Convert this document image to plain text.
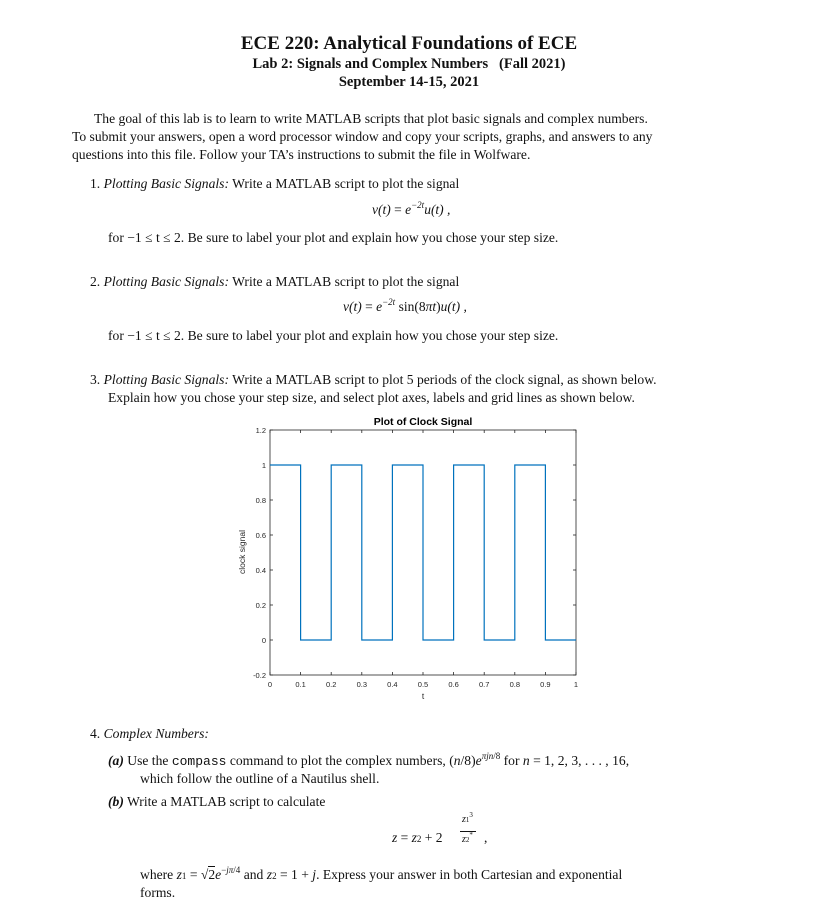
ECE 220: Analytical Foundations of ECE
Lab 2: Signals and Complex Numbers (Fall 2021)
September 14-15, 2021
The goal of this lab is to learn to write MATLAB scripts that plot basic signals and complex numbers.
To submit your answers, open a word processor window and copy your scripts, graphs, and answers to any
questions into this file. Follow your TA’s instructions to submit the file in Wolfware.
1. Plotting Basic Signals: Write a MATLAB script to plot the signal
$v(t) = e^{-2t}u(t)$ ,
for −1 ≤ t ≤ 2. Be sure to label your plot and explain how you chose your step size.
2. Plotting Basic Signals: Write a MATLAB script to plot the signal
$v(t) = e^{-2t}$ sin(8πt)u(t) ,
for −1 ≤ t ≤ 2. Be sure to label your plot and explain how you chose your step size.
3. Plotting Basic Signals: Write a MATLAB script to plot 5 periods of the clock signal, as shown below.
Explain how you chose your step size, and select plot axes, labels and grid lines as shown below.
Plot of Clock Signal
0	0.1	0.2	0.3	0.4	0.5	0.6	0.7	0.8	0.9	1
-0.2
0
0.2
0.4
0.6
0.8
1
1.2
t
clock signal
4. Complex Numbers:
(a) Use the compass command to plot the complex numbers, $(n/8)e^{\pi jn/8}$ for n = 1, 2, 3, . . . , 16,
which follow the outline of a Nautilus shell.
(b) Write a MATLAB script to calculate
z = z2 + 2
$z1^3$
z2* ,
where $z1 = √2e^{-j\pi/4}$ and z2 = 1 + j. Express your answer in both Cartesian and exponential
forms.
